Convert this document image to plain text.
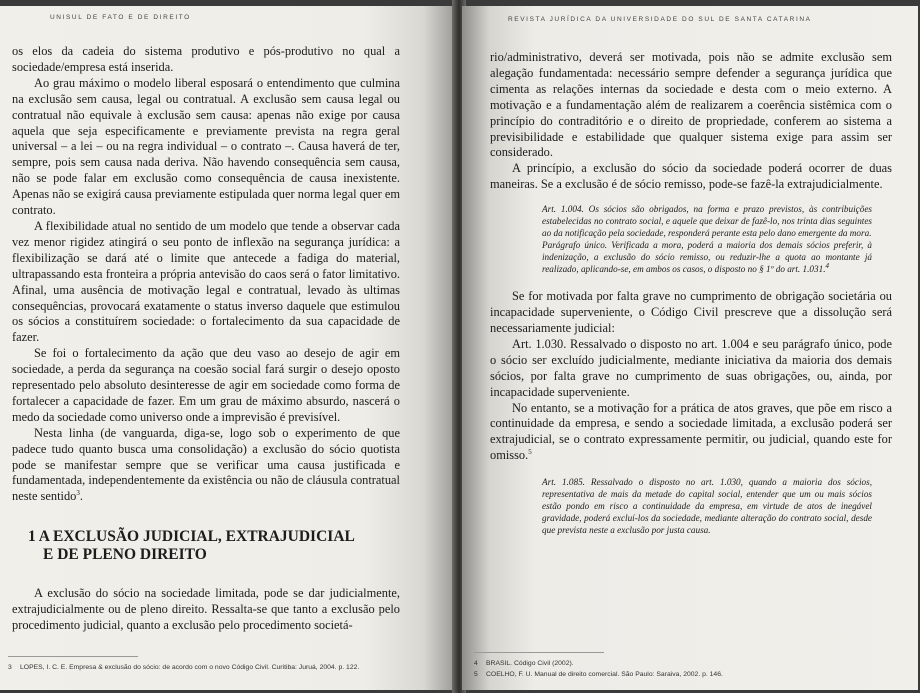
UNISUL DE FATO E DE DIREITO

os elos da cadeia do sistema produtivo e pós-produtivo no qual a sociedade/empresa está inserida.

Ao grau máximo o modelo liberal esposará o entendimento que culmina na exclusão sem causa, legal ou contratual. A exclusão sem causa legal ou contratual não equivale à exclusão sem causa: apenas não exige por causa aquela que seja especificamente e previamente prevista na regra geral universal – a lei – ou na regra individual – o contrato –. Causa haverá de ter, sempre, pois sem causa nada deriva. Não havendo consequência sem causa, não se pode falar em exclusão como consequência de causa inexistente. Apenas não se exigirá causa previamente estipulada quer norma legal quer em contrato.

A flexibilidade atual no sentido de um modelo que tende a observar cada vez menor rigidez atingirá o seu ponto de inflexão na segurança jurídica: a flexibilização se dará até o limite que antecede a fadiga do material, ultrapassando esta fronteira a própria antevisão do caos será o fator limitativo. Afinal, uma ausência de motivação legal e contratual, levado às ultimas consequências, provocará exatamente o status inverso daquele que estimulou os sócios a constituírem sociedade: o fortalecimento da sua capacidade de fazer.

Se foi o fortalecimento da ação que deu vaso ao desejo de agir em sociedade, a perda da segurança na coesão social fará surgir o desejo oposto representado pelo absoluto desinteresse de agir em sociedade como forma de fortalecer a capacidade de fazer. Em um grau de máximo absurdo, nascerá o medo da sociedade como universo onde a imprevisão é previsível.

Nesta linha (de vanguarda, diga-se, logo sob o experimento de que padece tudo quanto busca uma consolidação) a exclusão do sócio quotista pode se manifestar sempre que se verificar uma causa justificada e fundamentada, independentemente da existência ou não de cláusula contratual neste sentido$^3$.

1 A EXCLUSÃO JUDICIAL, EXTRAJUDICIAL
E DE PLENO DIREITO

A exclusão do sócio na sociedade limitada, pode se dar judicialmente, extrajudicialmente ou de pleno direito. Ressalta-se que tanto a exclusão pelo procedimento judicial, quanto a exclusão pelo procedimento societá-

3 LOPES, I. C. E. Empresa & exclusão do sócio: de acordo com o novo Código Civil. Curitiba: Juruá, 2004. p. 122.
REVISTA JURÍDICA DA UNIVERSIDADE DO SUL DE SANTA CATARINA

rio/administrativo, deverá ser motivada, pois não se admite exclusão sem alegação fundamentada: necessário sempre defender a segurança jurídica que cimenta as relações internas da sociedade e desta com o meio externo. A motivação e a fundamentação além de realizarem a coerência sistêmica com o princípio do contraditório e o direito de propriedade, conferem ao sistema a previsibilidade e estabilidade que qualquer sistema exige para assim ser considerado.

A princípio, a exclusão do sócio da sociedade poderá ocorrer de duas maneiras. Se a exclusão é de sócio remisso, pode-se fazê-la extrajudicialmente.

Art. 1.004. Os sócios são obrigados, na forma e prazo previstos, às contribuições estabelecidas no contrato social, e aquele que deixar de fazê-lo, nos trinta dias seguintes ao da notificação pela sociedade, responderá perante esta pelo dano emergente da mora.

Parágrafo único. Verificada a mora, poderá a maioria dos demais sócios preferir, à indenização, a exclusão do sócio remisso, ou reduzir-lhe a quota ao montante já realizado, aplicando-se, em ambos os casos, o disposto no § 1º do art. 1.031.$^4$

Se for motivada por falta grave no cumprimento de obrigação societária ou incapacidade superveniente, o Código Civil prescreve que a dissolução será necessariamente judicial:

Art. 1.030. Ressalvado o disposto no art. 1.004 e seu parágrafo único, pode o sócio ser excluído judicialmente, mediante iniciativa da maioria dos demais sócios, por falta grave no cumprimento de suas obrigações, ou, ainda, por incapacidade superveniente.

No entanto, se a motivação for a prática de atos graves, que põe em risco a continuidade da empresa, e sendo a sociedade limitada, a exclusão poderá ser extrajudicial, se o contrato expressamente permitir, ou judicial, quando este for omisso.$^5$

Art. 1.085. Ressalvado o disposto no art. 1.030, quando a maioria dos sócios, representativa de mais da metade do capital social, entender que um ou mais sócios estão pondo em risco a continuidade da empresa, em virtude de atos de inegável gravidade, poderá excluí-los da sociedade, mediante alteração do contrato social, desde que prevista neste a exclusão por justa causa.

4 BRASIL. Código Civil (2002).
5 COELHO, F. U. Manual de direito comercial. São Paulo: Saraiva, 2002. p. 146.
